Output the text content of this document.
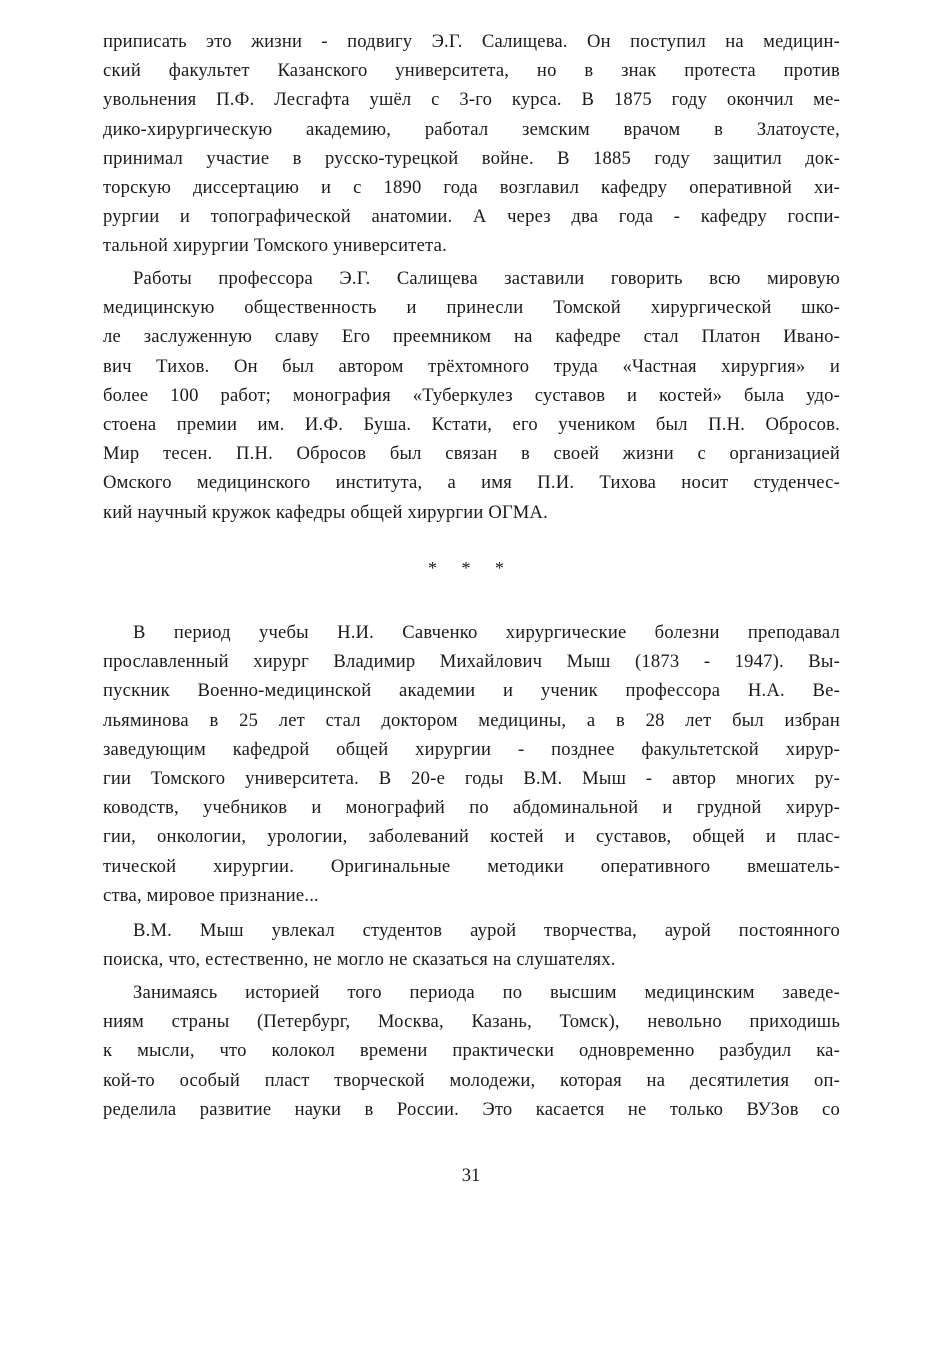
приписать это жизни - подвигу Э.Г. Салищева. Он поступил на медицин-
ский факультет Казанского университета, но в знак протеста против
увольнения П.Ф. Лесгафта ушёл с 3-го курса. В 1875 году окончил ме-
дико-хирургическую академию, работал земским врачом в Златоусте,
принимал участие в русско-турецкой войне. В 1885 году защитил док-
торскую диссертацию и с 1890 года возглавил кафедру оперативной хи-
рургии и топографической анатомии. А через два года - кафедру госпи-
тальной хирургии Томского университета.
Работы профессора Э.Г. Салищева заставили говорить всю мировую
медицинскую общественность и принесли Томской хирургической шко-
ле заслуженную славу Его преемником на кафедре стал Платон Ивано-
вич Тихов. Он был автором трёхтомного труда «Частная хирургия» и
более 100 работ; монография «Туберкулез суставов и костей» была удо-
стоена премии им. И.Ф. Буша. Кстати, его учеником был П.Н. Обросов.
Мир тесен. П.Н. Обросов был связан в своей жизни с организацией
Омского медицинского института, а имя П.И. Тихова носит студенчес-
кий научный кружок кафедры общей хирургии ОГМА.
* * *
В период учебы Н.И. Савченко хирургические болезни преподавал
прославленный хирург Владимир Михайлович Мыш (1873 - 1947). Вы-
пускник Военно-медицинской академии и ученик профессора Н.А. Ве-
льяминова в 25 лет стал доктором медицины, а в 28 лет был избран
заведующим кафедрой общей хирургии - позднее факультетской хирур-
гии Томского университета. В 20-е годы В.М. Мыш - автор многих ру-
ководств, учебников и монографий по абдоминальной и грудной хирур-
гии, онкологии, урологии, заболеваний костей и суставов, общей и плас-
тической хирургии. Оригинальные методики оперативного вмешатель-
ства, мировое признание...
В.М. Мыш увлекал студентов аурой творчества, аурой постоянного
поиска, что, естественно, не могло не сказаться на слушателях.
Занимаясь историей того периода по высшим медицинским заведе-
ниям страны (Петербург, Москва, Казань, Томск), невольно приходишь
к мысли, что колокол времени практически одновременно разбудил ка-
кой-то особый пласт творческой молодежи, которая на десятилетия оп-
ределила развитие науки в России. Это касается не только ВУЗов со
31
